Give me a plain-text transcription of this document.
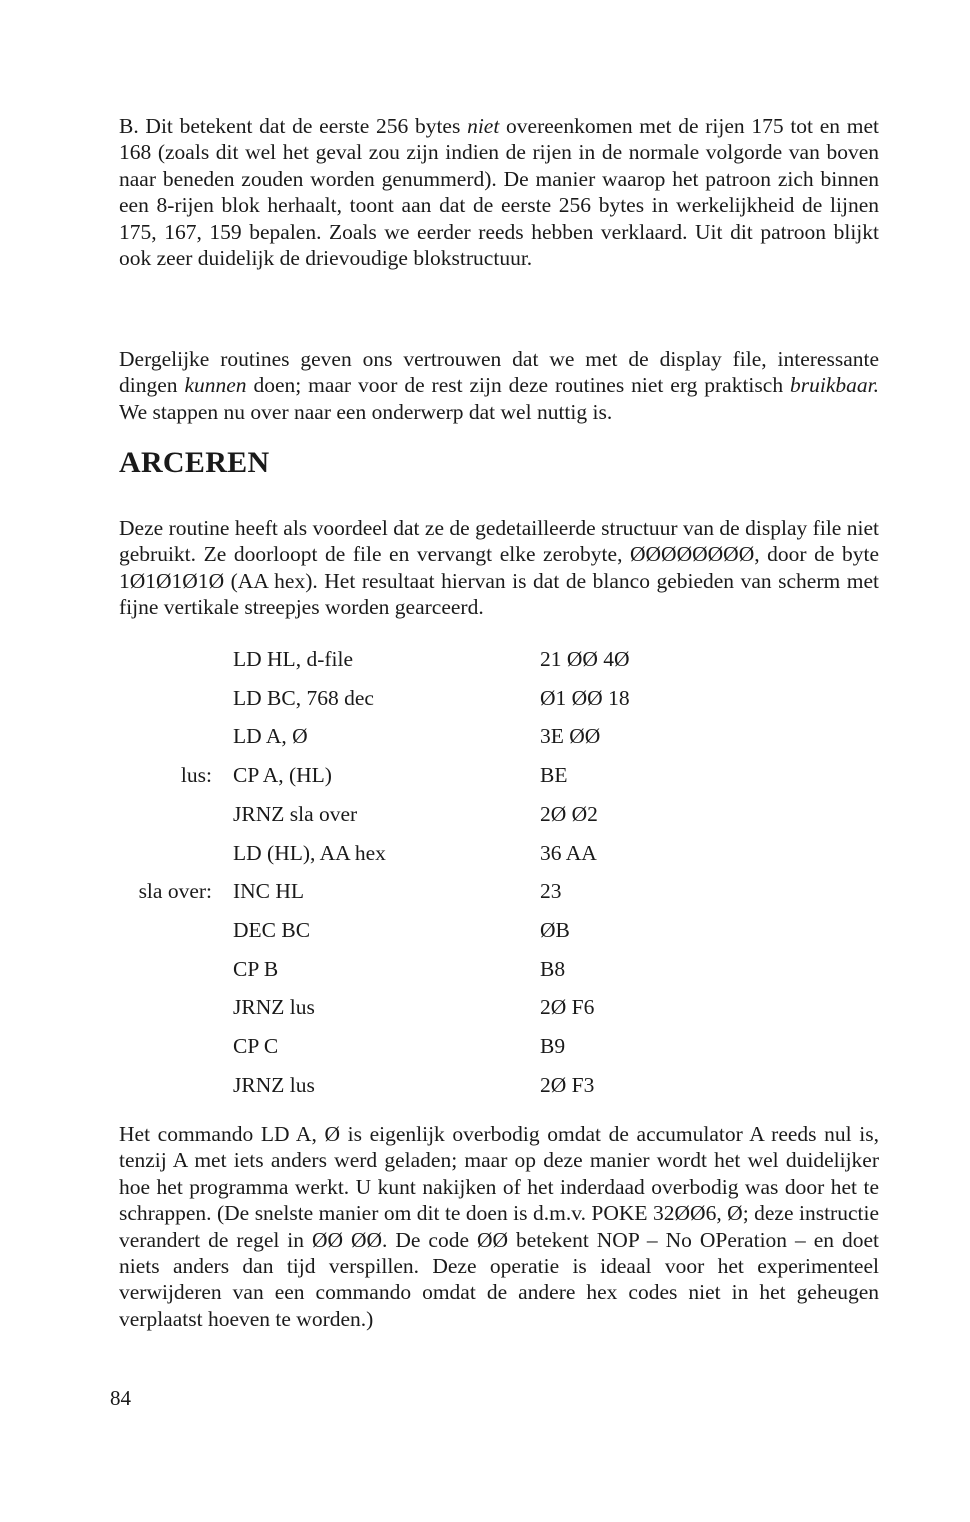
B. Dit betekent dat de eerste 256 bytes niet overeenkomen met de rijen 175 tot en met 168 (zoals dit wel het geval zou zijn indien de rijen in de normale volgorde van boven naar beneden zouden worden genummerd). De manier waarop het patroon zich binnen een 8-rijen blok herhaalt, toont aan dat de eerste 256 bytes in werkelijkheid de lijnen 175, 167, 159 bepalen. Zoals we eerder reeds hebben verklaard. Uit dit patroon blijkt ook zeer duidelijk de drievoudige blokstructuur.

Dergelijke routines geven ons vertrouwen dat we met de display file, interessante dingen kunnen doen; maar voor de rest zijn deze routines niet erg praktisch bruikbaar. We stappen nu over naar een onderwerp dat wel nuttig is.

ARCEREN

Deze routine heeft als voordeel dat ze de gedetailleerde structuur van de display file niet gebruikt. Ze doorloopt de file en vervangt elke zerobyte, ØØØØØØØØ, door de byte 1Ø1Ø1Ø1Ø (AA hex). Het resultaat hiervan is dat de blanco gebieden van scherm met fijne vertikale streepjes worden gearceerd.

LD HL, d-file	21 ØØ 4Ø
LD BC, 768 dec	Ø1 ØØ 18
LD A, Ø	3E ØØ
lus: CP A, (HL)	BE
JRNZ sla over	2Ø Ø2
LD (HL), AA hex	36 AA
sla over: INC HL	23
DEC BC	ØB
CP B	B8
JRNZ lus	2Ø F6
CP C	B9
JRNZ lus	2Ø F3

Het commando LD A, Ø is eigenlijk overbodig omdat de accumulator A reeds nul is, tenzij A met iets anders werd geladen; maar op deze manier wordt het wel duidelijker hoe het programma werkt. U kunt nakijken of het inderdaad overbodig was door het te schrappen. (De snelste manier om dit te doen is d.m.v. POKE 32ØØ6, Ø; deze instructie verandert de regel in ØØ ØØ. De code ØØ betekent NOP – No OPeration – en doet niets anders dan tijd verspillen. Deze operatie is ideaal voor het experimenteel verwijderen van een commando omdat de andere hex codes niet in het geheugen verplaatst hoeven te worden.)

84
